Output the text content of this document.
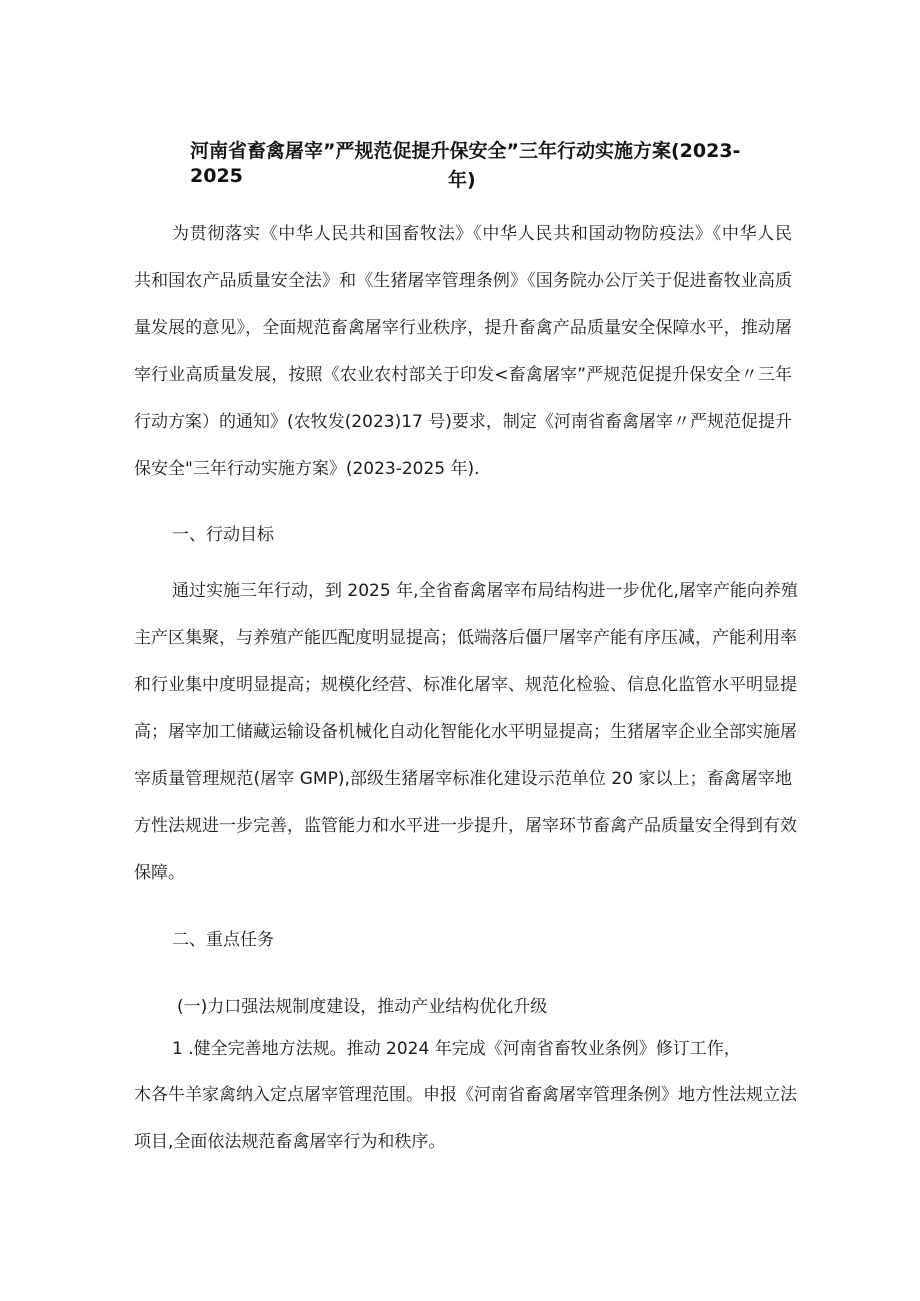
河南省畜禽屠宰”严规范促提升保安全”三年行动实施方案(2023-2025	年)
为贯彻落实《中华人民共和国畜牧法》《中华人民共和国动物防疫法》《中华人民
共和国农产品质量安全法》和《生猪屠宰管理条例》《国务院办公厅关于促进畜牧业高质
量发展的意见》，全面规范畜禽屠宰行业秩序，提升畜禽产品质量安全保障水平，推动屠
宰行业高质量发展，按照《农业农村部关于印发<畜禽屠宰”严规范促提升保安全〃三年
行动方案）的通知》(农牧发(2023)17 号)要求，制定《河南省畜禽屠宰〃严规范促提升
保安全"三年行动实施方案》(2023-2025 年).
一、行动目标
通过实施三年行动，到 2025 年,全省畜禽屠宰布局结构进一步优化,屠宰产能向养殖
主产区集聚，与养殖产能匹配度明显提高；低端落后僵尸屠宰产能有序压减，产能利用率
和行业集中度明显提高；规模化经营、标准化屠宰、规范化检验、信息化监管水平明显提
高；屠宰加工储藏运输设备机械化自动化智能化水平明显提高；生猪屠宰企业全部实施屠
宰质量管理规范(屠宰 GMP),部级生猪屠宰标准化建设示范单位 20 家以上；畜禽屠宰地
方性法规进一步完善，监管能力和水平进一步提升，屠宰环节畜禽产品质量安全得到有效
保障。
二、重点任务
(一)力口强法规制度建设，推动产业结构优化升级
1 .健全完善地方法规。推动 2024 年完成《河南省畜牧业条例》修订工作，
木各牛羊家禽纳入定点屠宰管理范围。申报《河南省畜禽屠宰管理条例》地方性法规立法
项目,全面依法规范畜禽屠宰行为和秩序。
